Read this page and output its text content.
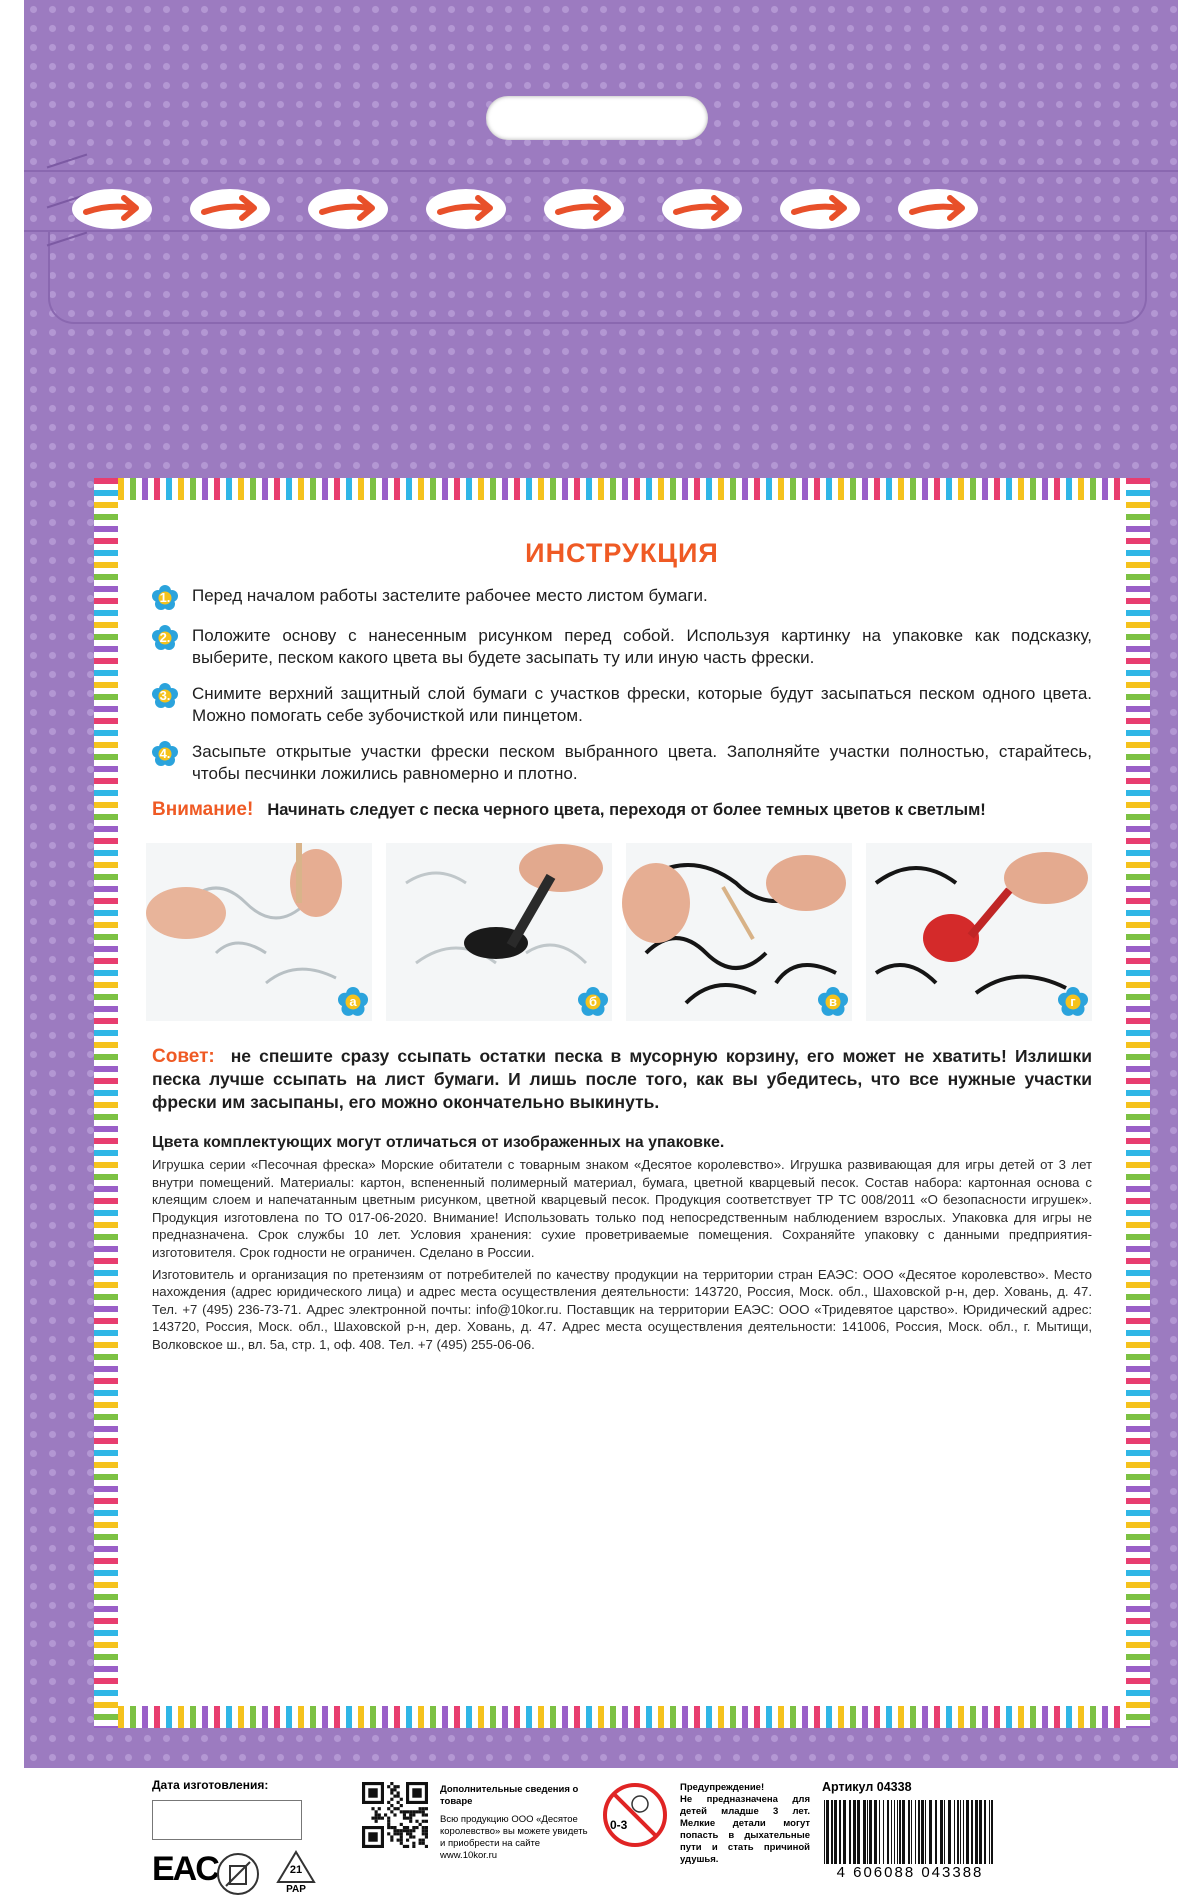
ИНСТРУКЦИЯ
1.	Перед началом работы застелите рабочее место листом бумаги.
2.	Положите основу с нанесенным рисунком перед собой. Используя картинку на упаковке как подсказку, выберите, песком какого цвета вы будете засыпать ту или иную часть фрески.
3.	Снимите верхний защитный слой бумаги с участков фрески, которые будут засыпаться песком одного цвета. Можно помогать себе зубочисткой или пинцетом.
4.	Засыпьте открытые участки фрески песком выбранного цвета. Заполняйте участки полностью, старайтесь, чтобы песчинки ложились равномерно и плотно.
Внимание! Начинать следует с песка черного цвета, переходя от более темных цветов к светлым!
а	б	в	г
Совет: не спешите сразу ссыпать остатки песка в мусорную корзину, его может не хватить! Излишки песка лучше ссыпать на лист бумаги. И лишь после того, как вы убедитесь, что все нужные участки фрески им засыпаны, его можно окончательно выкинуть.
Цвета комплектующих могут отличаться от изображенных на упаковке.
Игрушка серии «Песочная фреска» Морские обитатели с товарным знаком «Десятое королевство». Игрушка развивающая для игры детей от 3 лет внутри помещений. Материалы: картон, вспененный полимерный материал, бумага, цветной кварцевый песок. Состав набора: картонная основа с клеящим слоем и напечатанным цветным рисунком, цветной кварцевый песок. Продукция соответствует ТР ТС 008/2011 «О безопасности игрушек». Продукция изготовлена по ТО 017-06-2020. Внимание! Использовать только под непосредственным наблюдением взрослых. Упаковка для игры не предназначена. Срок службы 10 лет. Условия хранения: сухие проветриваемые помещения. Сохраняйте упаковку с данными предприятия-изготовителя. Срок годности не ограничен. Сделано в России.
Изготовитель и организация по претензиям от потребителей по качеству продукции на территории стран ЕАЭС: ООО «Десятое королевство». Место нахождения (адрес юридического лица) и адрес места осуществления деятельности: 143720, Россия, Моск. обл., Шаховской р-н, дер. Ховань, д. 47. Тел. +7 (495) 236-73-71. Адрес электронной почты: info@10kor.ru. Поставщик на территории ЕАЭС: ООО «Тридевятое царство». Юридический адрес: 143720, Россия, Моск. обл., Шаховской р-н, дер. Ховань, д. 47. Адрес места осуществления деятельности: 141006, Россия, Моск. обл., г. Мытищи, Волковское ш., вл. 5а, стр. 1, оф. 408. Тел. +7 (495) 255-06-06.
Дата изготовления:
EAC	21
PAP
Дополнительные сведения о товаре
Всю продукцию ООО «Десятое королевство» вы можете увидеть и приобрести на сайте www.10kor.ru
0-3
Предупреждение!
Не предназначена для детей младше 3 лет. Мелкие детали могут попасть в дыхательные пути и стать причиной удушья.
Артикул 04338
4 606088 043388
